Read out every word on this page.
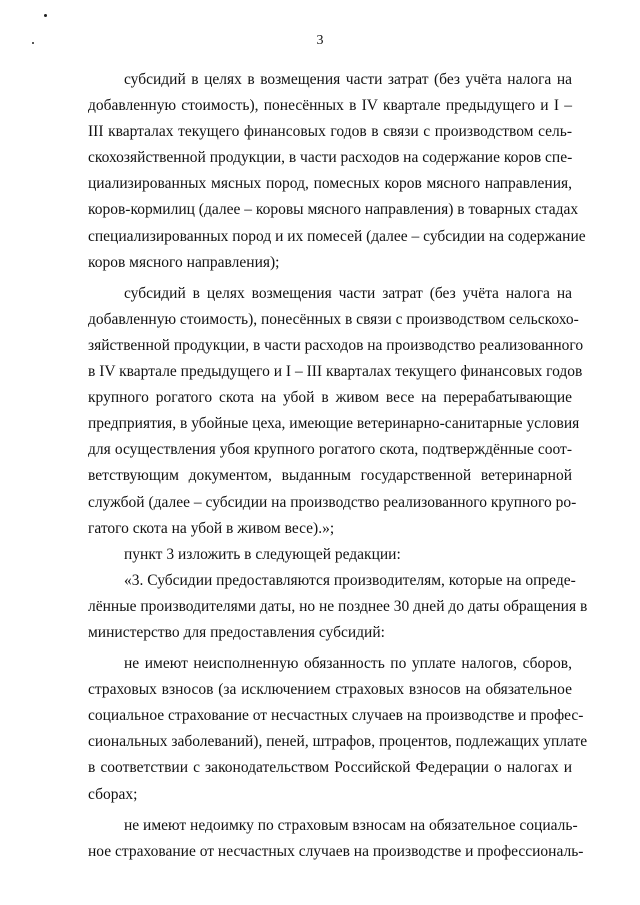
3
субсидий в целях в возмещения части затрат (без учёта налога на
добавленную стоимость), понесённых в IV квартале предыдущего и I –
III кварталах текущего финансовых годов в связи с производством сель-
скохозяйственной продукции, в части расходов на содержание коров спе-
циализированных мясных пород, помесных коров мясного направления,
коров-кормилиц (далее – коровы мясного направления) в товарных стадах
специализированных пород и их помесей (далее – субсидии на содержание
коров мясного направления);
субсидий в целях возмещения части затрат (без учёта налога на
добавленную стоимость), понесённых в связи с производством сельскохо-
зяйственной продукции, в части расходов на производство реализованного
в IV квартале предыдущего и I – III кварталах текущего финансовых годов
крупного рогатого скота на убой в живом весе на перерабатывающие
предприятия, в убойные цеха, имеющие ветеринарно-санитарные условия
для осуществления убоя крупного рогатого скота, подтверждённые соот-
ветствующим документом, выданным государственной ветеринарной
службой (далее – субсидии на производство реализованного крупного ро-
гатого скота на убой в живом весе).»;
пункт 3 изложить в следующей редакции:
«3. Субсидии предоставляются производителям, которые на опреде-
лённые производителями даты, но не позднее 30 дней до даты обращения в
министерство для предоставления субсидий:
не имеют неисполненную обязанность по уплате налогов, сборов,
страховых взносов (за исключением страховых взносов на обязательное
социальное страхование от несчастных случаев на производстве и профес-
сиональных заболеваний), пеней, штрафов, процентов, подлежащих уплате
в соответствии с законодательством Российской Федерации о налогах и
сборах;
не имеют недоимку по страховым взносам на обязательное социаль-
ное страхование от несчастных случаев на производстве и профессиональ-
